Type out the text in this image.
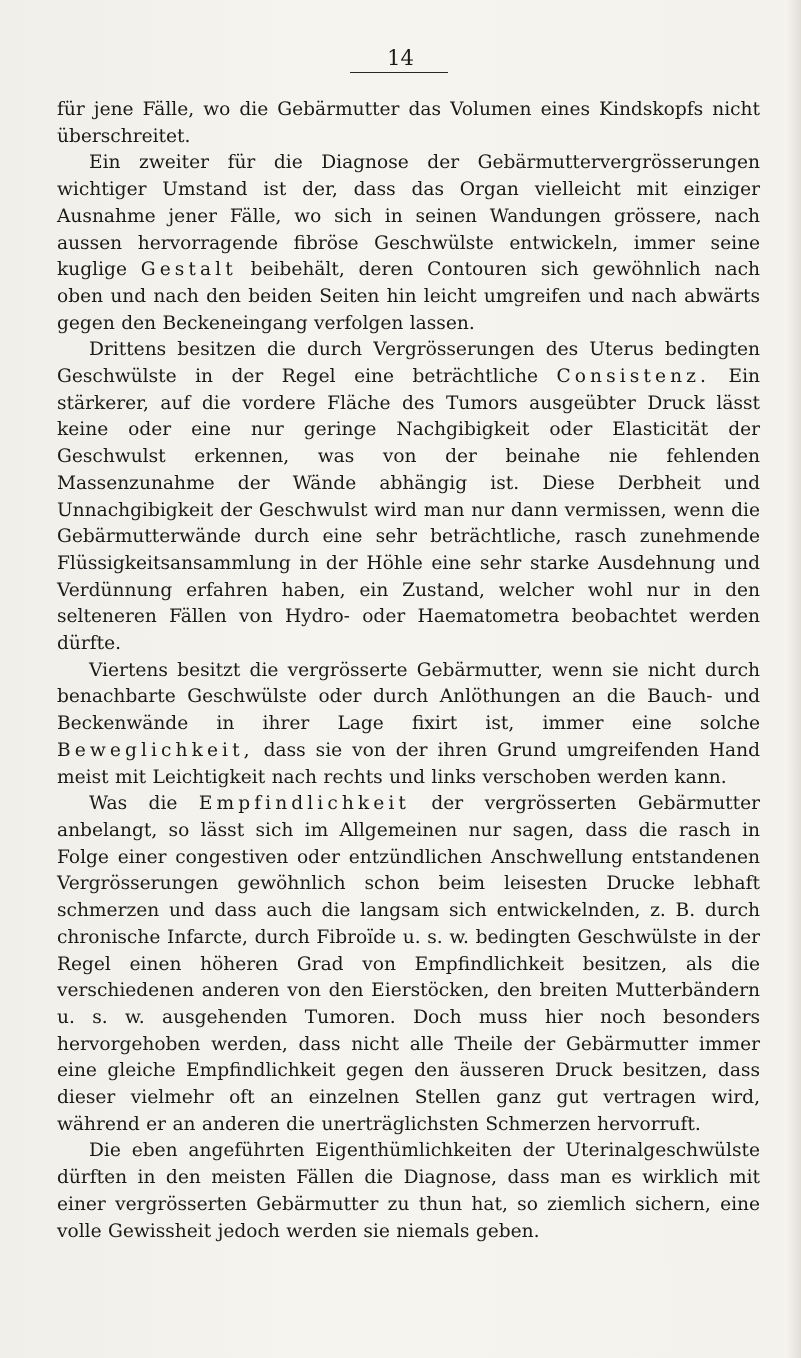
14

für jene Fälle, wo die Gebärmutter das Volumen eines Kindskopfs nicht überschreitet.

Ein zweiter für die Diagnose der Gebärmuttervergrösserungen wichtiger Umstand ist der, dass das Organ vielleicht mit einziger Ausnahme jener Fälle, wo sich in seinen Wandungen grössere, nach aussen hervorragende fibröse Geschwülste entwickeln, immer seine kuglige Gestalt beibehält, deren Contouren sich gewöhnlich nach oben und nach den beiden Seiten hin leicht umgreifen und nach abwärts gegen den Beckeneingang verfolgen lassen.

Drittens besitzen die durch Vergrösserungen des Uterus bedingten Geschwülste in der Regel eine beträchtliche Consistenz. Ein stärkerer, auf die vordere Fläche des Tumors ausgeübter Druck lässt keine oder eine nur geringe Nachgibigkeit oder Elasticität der Geschwulst erkennen, was von der beinahe nie fehlenden Massenzunahme der Wände abhängig ist. Diese Derbheit und Unnachgibigkeit der Geschwulst wird man nur dann vermissen, wenn die Gebärmutterwände durch eine sehr beträchtliche, rasch zunehmende Flüssigkeitsansammlung in der Höhle eine sehr starke Ausdehnung und Verdünnung erfahren haben, ein Zustand, welcher wohl nur in den selteneren Fällen von Hydro- oder Haematometra beobachtet werden dürfte.

Viertens besitzt die vergrösserte Gebärmutter, wenn sie nicht durch benachbarte Geschwülste oder durch Anlöthungen an die Bauch- und Beckenwände in ihrer Lage fixirt ist, immer eine solche Beweglichkeit, dass sie von der ihren Grund umgreifenden Hand meist mit Leichtigkeit nach rechts und links verschoben werden kann.

Was die Empfindlichkeit der vergrösserten Gebärmutter anbelangt, so lässt sich im Allgemeinen nur sagen, dass die rasch in Folge einer congestiven oder entzündlichen Anschwellung entstandenen Vergrösserungen gewöhnlich schon beim leisesten Drucke lebhaft schmerzen und dass auch die langsam sich entwickelnden, z. B. durch chronische Infarcte, durch Fibroïde u. s. w. bedingten Geschwülste in der Regel einen höheren Grad von Empfindlichkeit besitzen, als die verschiedenen anderen von den Eierstöcken, den breiten Mutterbändern u. s. w. ausgehenden Tumoren. Doch muss hier noch besonders hervorgehoben werden, dass nicht alle Theile der Gebärmutter immer eine gleiche Empfindlichkeit gegen den äusseren Druck besitzen, dass dieser vielmehr oft an einzelnen Stellen ganz gut vertragen wird, während er an anderen die unerträglichsten Schmerzen hervorruft.

Die eben angeführten Eigenthümlichkeiten der Uterinalgeschwülste dürften in den meisten Fällen die Diagnose, dass man es wirklich mit einer vergrösserten Gebärmutter zu thun hat, so ziemlich sichern, eine volle Gewissheit jedoch werden sie niemals geben.
